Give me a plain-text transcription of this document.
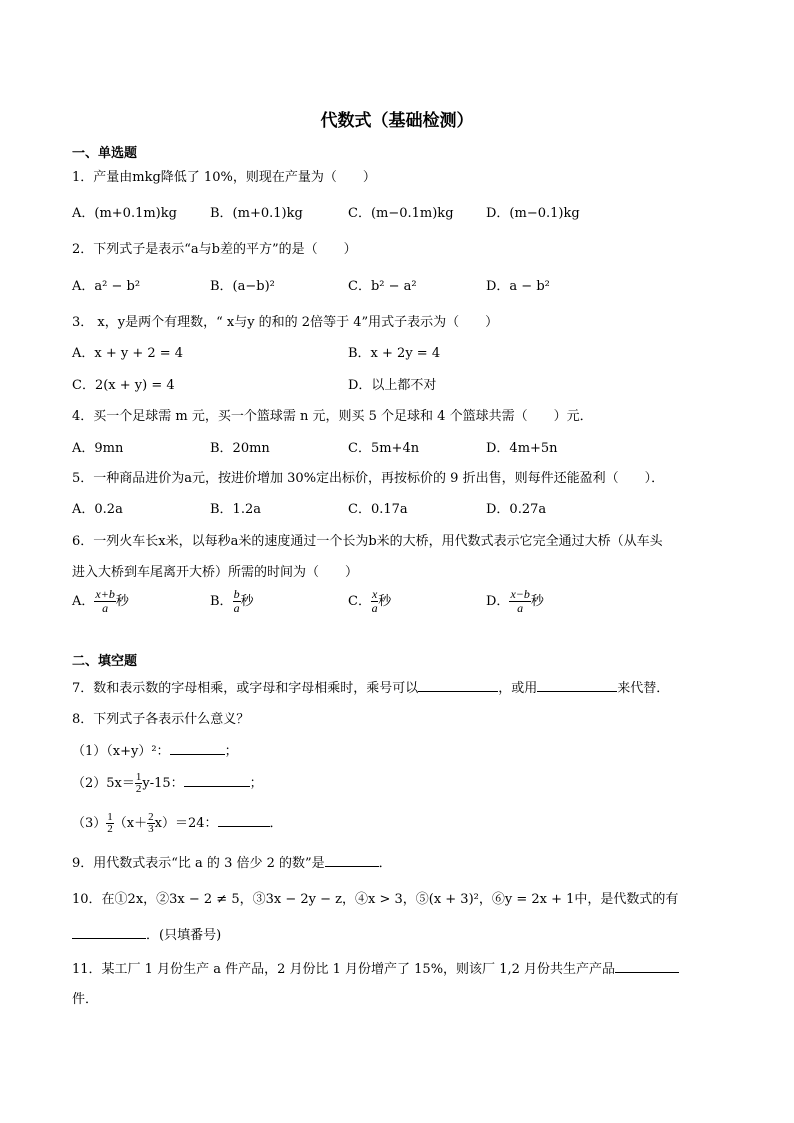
代数式（基础检测）
一、单选题
1．产量由mkg降低了 10%，则现在产量为（　　）
A．(m+0.1m)kg	B．(m+0.1)kg	C．(m−0.1m)kg D．(m−0.1)kg
2．下列式子是表示“a与b差的平方”的是（　　）
A．a² − b²	B．(a−b)²	C．b² − a²	D．a − b²
3． x，y是两个有理数，“ x与y 的和的 2倍等于 4”用式子表示为（　　）
A．x + y + 2 = 4	B．x + 2y = 4
C．2(x + y) = 4	D．以上都不对
4．买一个足球需 m 元，买一个篮球需 n 元，则买 5 个足球和 4 个篮球共需（　　）元．
A．9mn	B．20mn	C．5m+4n	D．4m+5n
5．一种商品进价为a元，按进价增加 30%定出标价，再按标价的 9 折出售，则每件还能盈利（　　）．
A．0.2a	B．1.2a	C．0.17a	D．0.27a
6．一列火车长x米，以每秒a米的速度通过一个长为b米的大桥，用代数式表示它完全通过大桥（从车头
进入大桥到车尾离开大桥）所需的时间为（　　）
A． $\frac{x+b}{a}$ 秒	B． $\frac{b}{a}$ 秒	C． $\frac{x}{a}$ 秒	D． $\frac{x-b}{a}$ 秒
二、填空题
7．数和表示数的字母相乘，或字母和字母相乘时，乘号可以	，或用	来代替．
8．下列式子各表示什么意义？
（1）（x+y）²：	；
$(2)5x= \frac{1}{2} y-15$：	；
$(3) \frac{1}{2} (x+ \frac{2}{3} x)=24$：	．
9．用代数式表示“比 a 的 3 倍少 2 的数”是	．
10．在①2x，②3x − 2 ≠ 5，③3x − 2y − z，④x > 3，⑤(x + 3)²，⑥y = 2x + 1中，是代数式的有
．(只填番号)
11．某工厂 1 月份生产 a 件产品，2 月份比 1 月份增产了 15%，则该厂 1,2 月份共生产产品
件．
